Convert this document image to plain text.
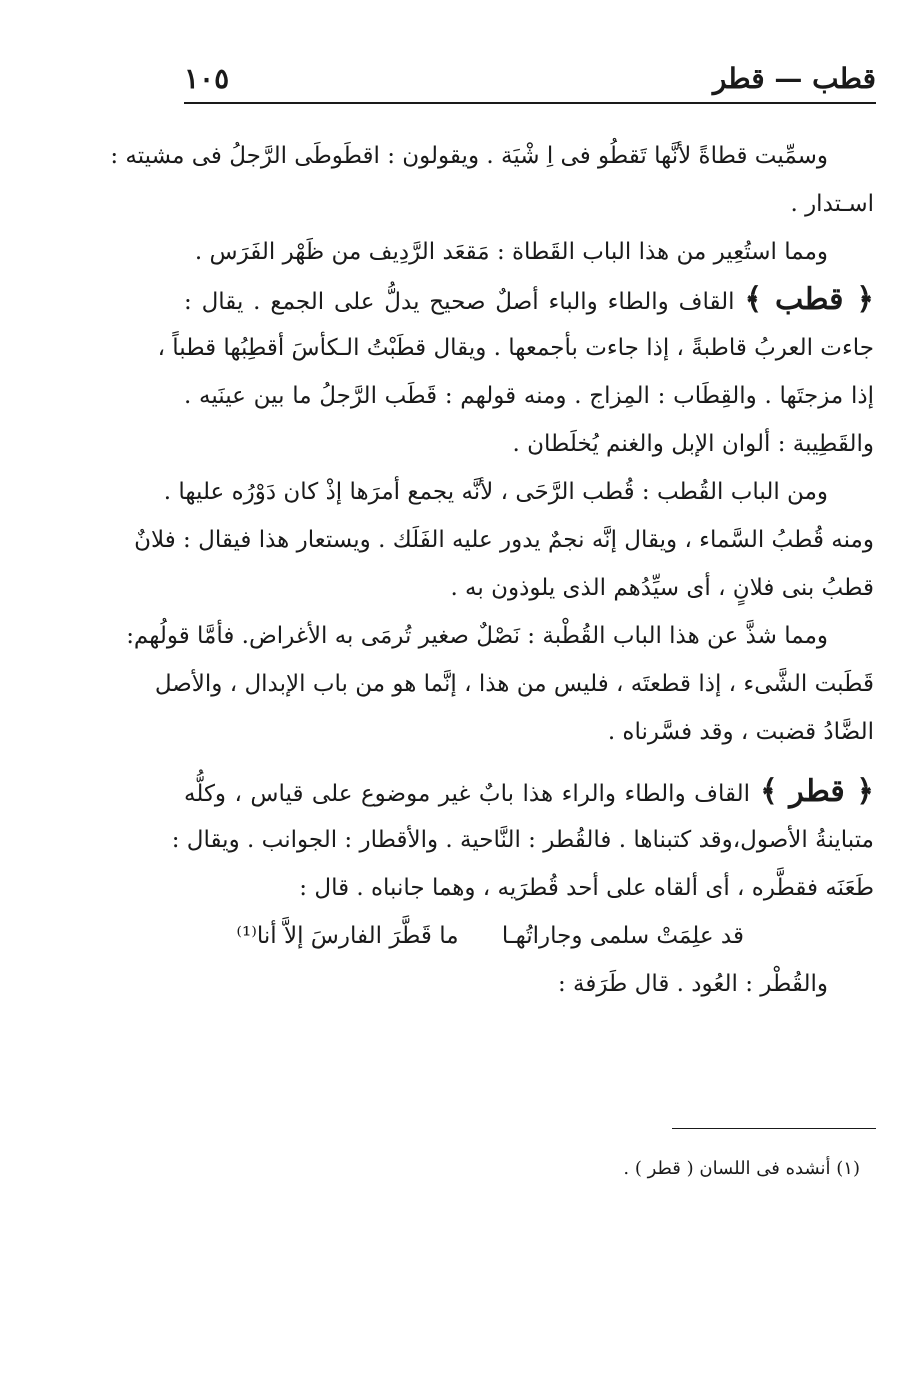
قطب — قطر
١٠٥
وسمِّيت قطاةً لأنَّها تَقطُو فى اِ شْيَة . ويقولون : اقطَوطَى الرَّجلُ فى مشيته :
اسـتدار .
ومما استُعِير من هذا الباب القَطاة : مَقعَد الرَّدِيف من ظَهْر الفَرَس .
﴿ قطب ﴾القاف والطاء والباء أصلٌ صحيح يدلُّ على الجمع . يقال :
جاءت العربُ قاطبةً ، إذا جاءت بأجمعها . ويقال قطَبْتُ الـكأسَ أقطِبُها قطباً ،
إذا مزجتَها . والقِطَاب : المِزاج . ومنه قولهم : قَطَب الرَّجلُ ما بين عينَيه .
والقَطِيبة : ألوان الإبل والغنم يُخلَطان .
ومن الباب القُطب : قُطب الرَّحَى ، لأنَّه يجمع أمرَها إذْ كان دَوْرُه عليها .
ومنه قُطبُ السَّماء ، ويقال إنَّه نجمٌ يدور عليه الفَلَك . ويستعار هذا فيقال : فلانٌ
قطبُ بنى فلانٍ ، أى سيِّدُهم الذى يلوذون به .
ومما شذَّ عن هذا الباب القُطْبة : نَصْلٌ صغير تُرمَى به الأغراض. فأمَّا قولُهم:
قَطَبت الشَّىء ، إذا قطعتَه ، فليس من هذا ، إنَّما هو من باب الإبدال ، والأصل
الضَّادُ قضبت ، وقد فسَّرناه .
﴿ قطر ﴾القاف والطاء والراء هذا بابٌ غير موضوع على قياس ، وكلُّه
متباينةُ الأصول،وقد كتبناها . فالقُطر : النَّاحية . والأقطار : الجوانب . ويقال :
طَعَنَه فقطَّره ، أى ألقاه على أحد قُطرَيه ، وهما جانباه . قال :
قد علِمَتْ سلمى وجاراتُهـا ما قَطَّرَ الفارسَ إلاَّ أنا⁽¹⁾
والقُطْر : العُود . قال طَرَفة :
(١) أنشده فى اللسان ( قطر ) .
